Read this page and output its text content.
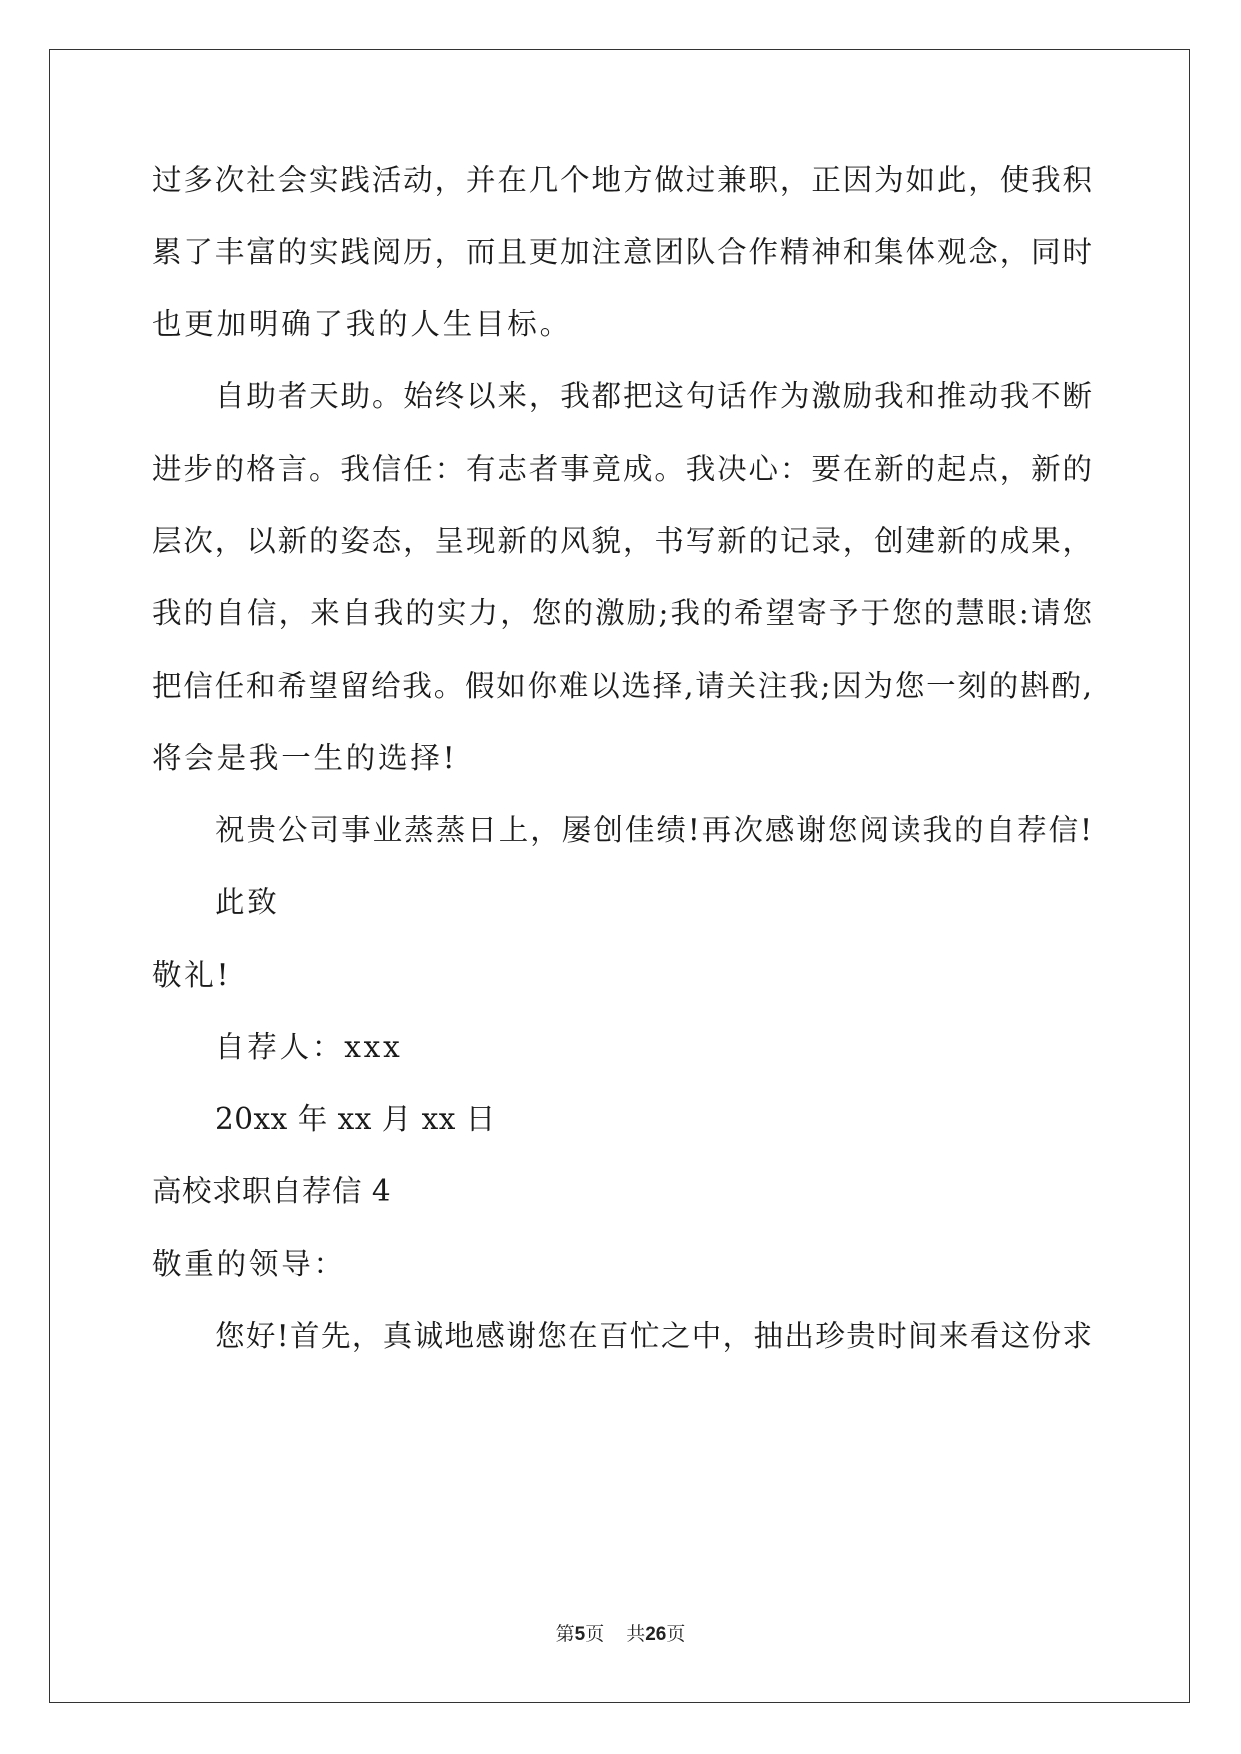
过多次社会实践活动，并在几个地方做过兼职，正因为如此，使我积
累了丰富的实践阅历，而且更加注意团队合作精神和集体观念，同时
也更加明确了我的人生目标。
自助者天助。始终以来，我都把这句话作为激励我和推动我不断
进步的格言。我信任：有志者事竟成。我决心：要在新的起点，新的
层次，以新的姿态，呈现新的风貌，书写新的记录，创建新的成果，
我的自信，来自我的实力，您的激励;我的希望寄予于您的慧眼:请您
把信任和希望留给我。假如你难以选择,请关注我;因为您一刻的斟酌,
将会是我一生的选择!
祝贵公司事业蒸蒸日上，屡创佳绩!再次感谢您阅读我的自荐信!
此致
敬礼!
自荐人：xxx
20xx 年 xx 月 xx 日
高校求职自荐信 4
敬重的领导：
您好!首先，真诚地感谢您在百忙之中，抽出珍贵时间来看这份求
第5页 共26页
